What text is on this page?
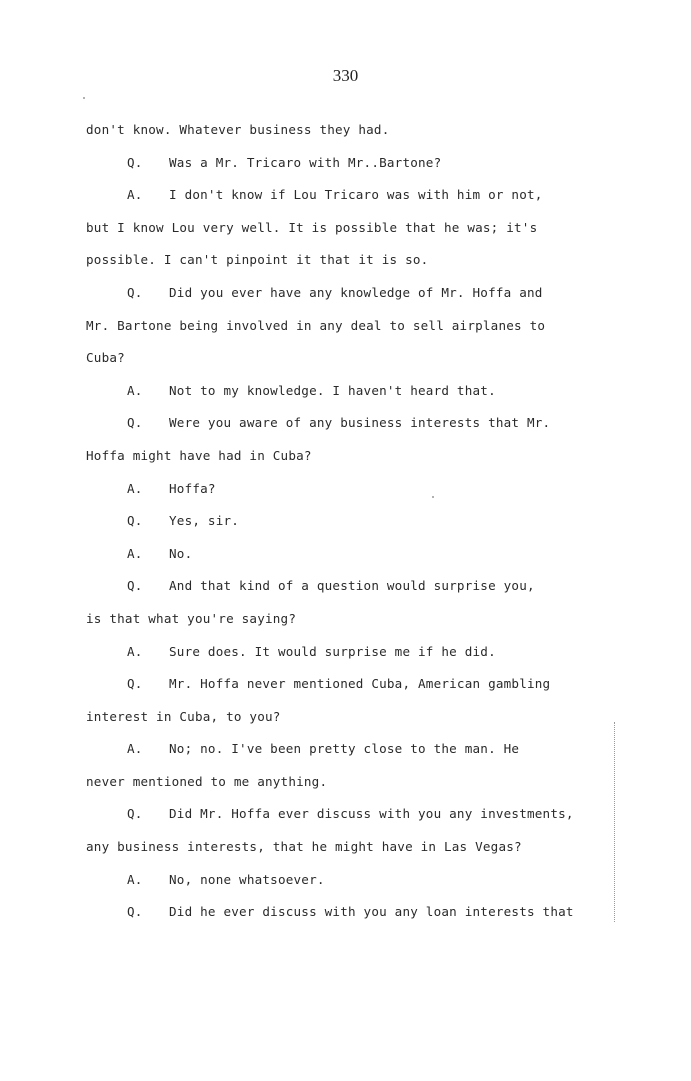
330
don't know. Whatever business they had.
Q. Was a Mr. Tricaro with Mr..Bartone?
A. I don't know if Lou Tricaro was with him or not,
but I know Lou very well. It is possible that he was; it's
possible. I can't pinpoint it that it is so.
Q. Did you ever have any knowledge of Mr. Hoffa and
Mr. Bartone being involved in any deal to sell airplanes to
Cuba?
A. Not to my knowledge. I haven't heard that.
Q. Were you aware of any business interests that Mr.
Hoffa might have had in Cuba?
A. Hoffa?
Q. Yes, sir.
A. No.
Q. And that kind of a question would surprise you,
is that what you're saying?
A. Sure does. It would surprise me if he did.
Q. Mr. Hoffa never mentioned Cuba, American gambling
interest in Cuba, to you?
A. No; no. I've been pretty close to the man. He
never mentioned to me anything.
Q. Did Mr. Hoffa ever discuss with you any investments,
any business interests, that he might have in Las Vegas?
A. No, none whatsoever.
Q. Did he ever discuss with you any loan interests that
